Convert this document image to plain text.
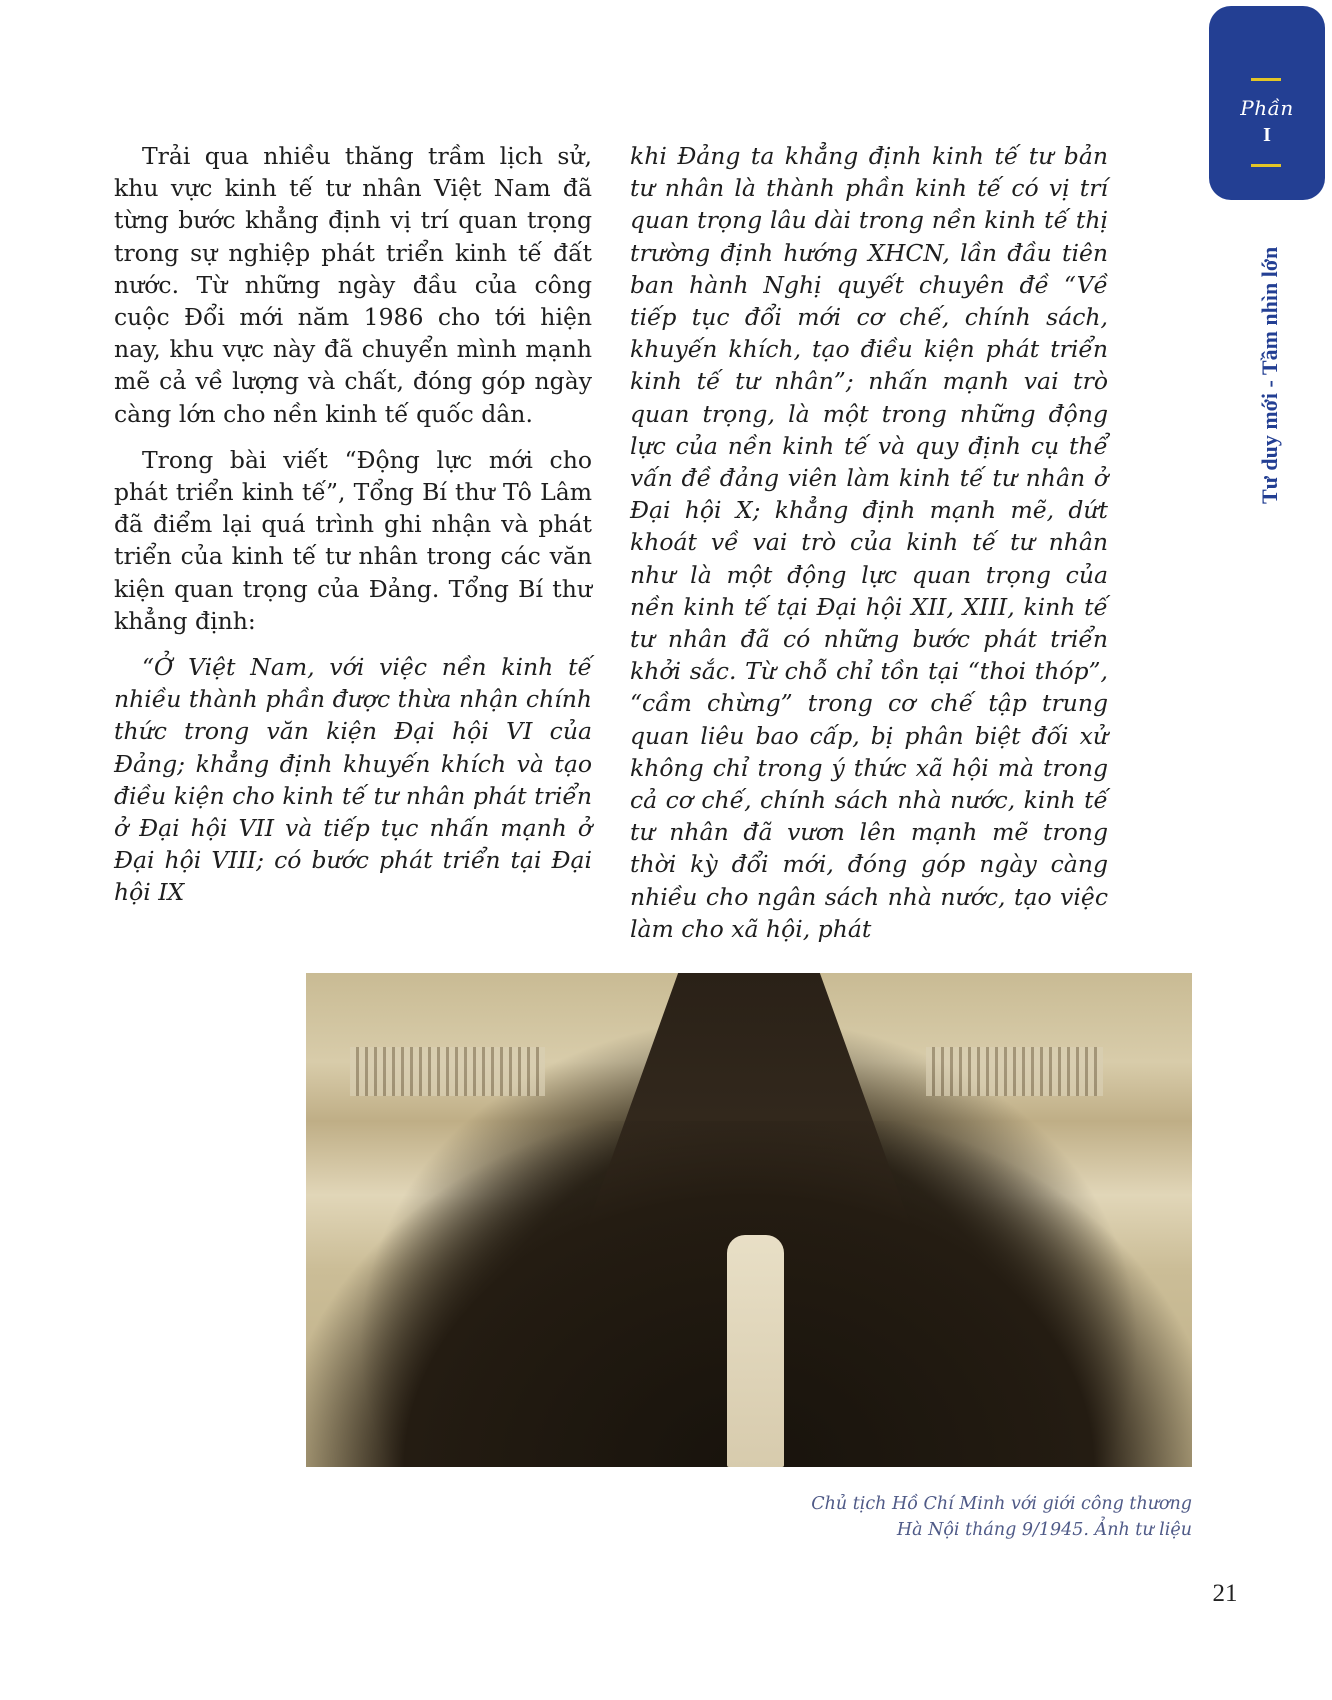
Phần
I
Tư duy mới - Tầm nhìn lớn

Trải qua nhiều thăng trầm lịch sử, khu vực kinh tế tư nhân Việt Nam đã từng bước khẳng định vị trí quan trọng trong sự nghiệp phát triển kinh tế đất nước. Từ những ngày đầu của công cuộc Đổi mới năm 1986 cho tới hiện nay, khu vực này đã chuyển mình mạnh mẽ cả về lượng và chất, đóng góp ngày càng lớn cho nền kinh tế quốc dân.

Trong bài viết “Động lực mới cho phát triển kinh tế”, Tổng Bí thư Tô Lâm đã điểm lại quá trình ghi nhận và phát triển của kinh tế tư nhân trong các văn kiện quan trọng của Đảng. Tổng Bí thư khẳng định:

“Ở Việt Nam, với việc nền kinh tế nhiều thành phần được thừa nhận chính thức trong văn kiện Đại hội VI của Đảng; khẳng định khuyến khích và tạo điều kiện cho kinh tế tư nhân phát triển ở Đại hội VII và tiếp tục nhấn mạnh ở Đại hội VIII; có bước phát triển tại Đại hội IX

khi Đảng ta khẳng định kinh tế tư bản tư nhân là thành phần kinh tế có vị trí quan trọng lâu dài trong nền kinh tế thị trường định hướng XHCN, lần đầu tiên ban hành Nghị quyết chuyên đề “Về tiếp tục đổi mới cơ chế, chính sách, khuyến khích, tạo điều kiện phát triển kinh tế tư nhân”; nhấn mạnh vai trò quan trọng, là một trong những động lực của nền kinh tế và quy định cụ thể vấn đề đảng viên làm kinh tế tư nhân ở Đại hội X; khẳng định mạnh mẽ, dứt khoát về vai trò của kinh tế tư nhân như là một động lực quan trọng của nền kinh tế tại Đại hội XII, XIII, kinh tế tư nhân đã có những bước phát triển khởi sắc. Từ chỗ chỉ tồn tại “thoi thóp”, “cầm chừng” trong cơ chế tập trung quan liêu bao cấp, bị phân biệt đối xử không chỉ trong ý thức xã hội mà trong cả cơ chế, chính sách nhà nước, kinh tế tư nhân đã vươn lên mạnh mẽ trong thời kỳ đổi mới, đóng góp ngày càng nhiều cho ngân sách nhà nước, tạo việc làm cho xã hội, phát

Chủ tịch Hồ Chí Minh với giới công thương
Hà Nội tháng 9/1945. Ảnh tư liệu
21
